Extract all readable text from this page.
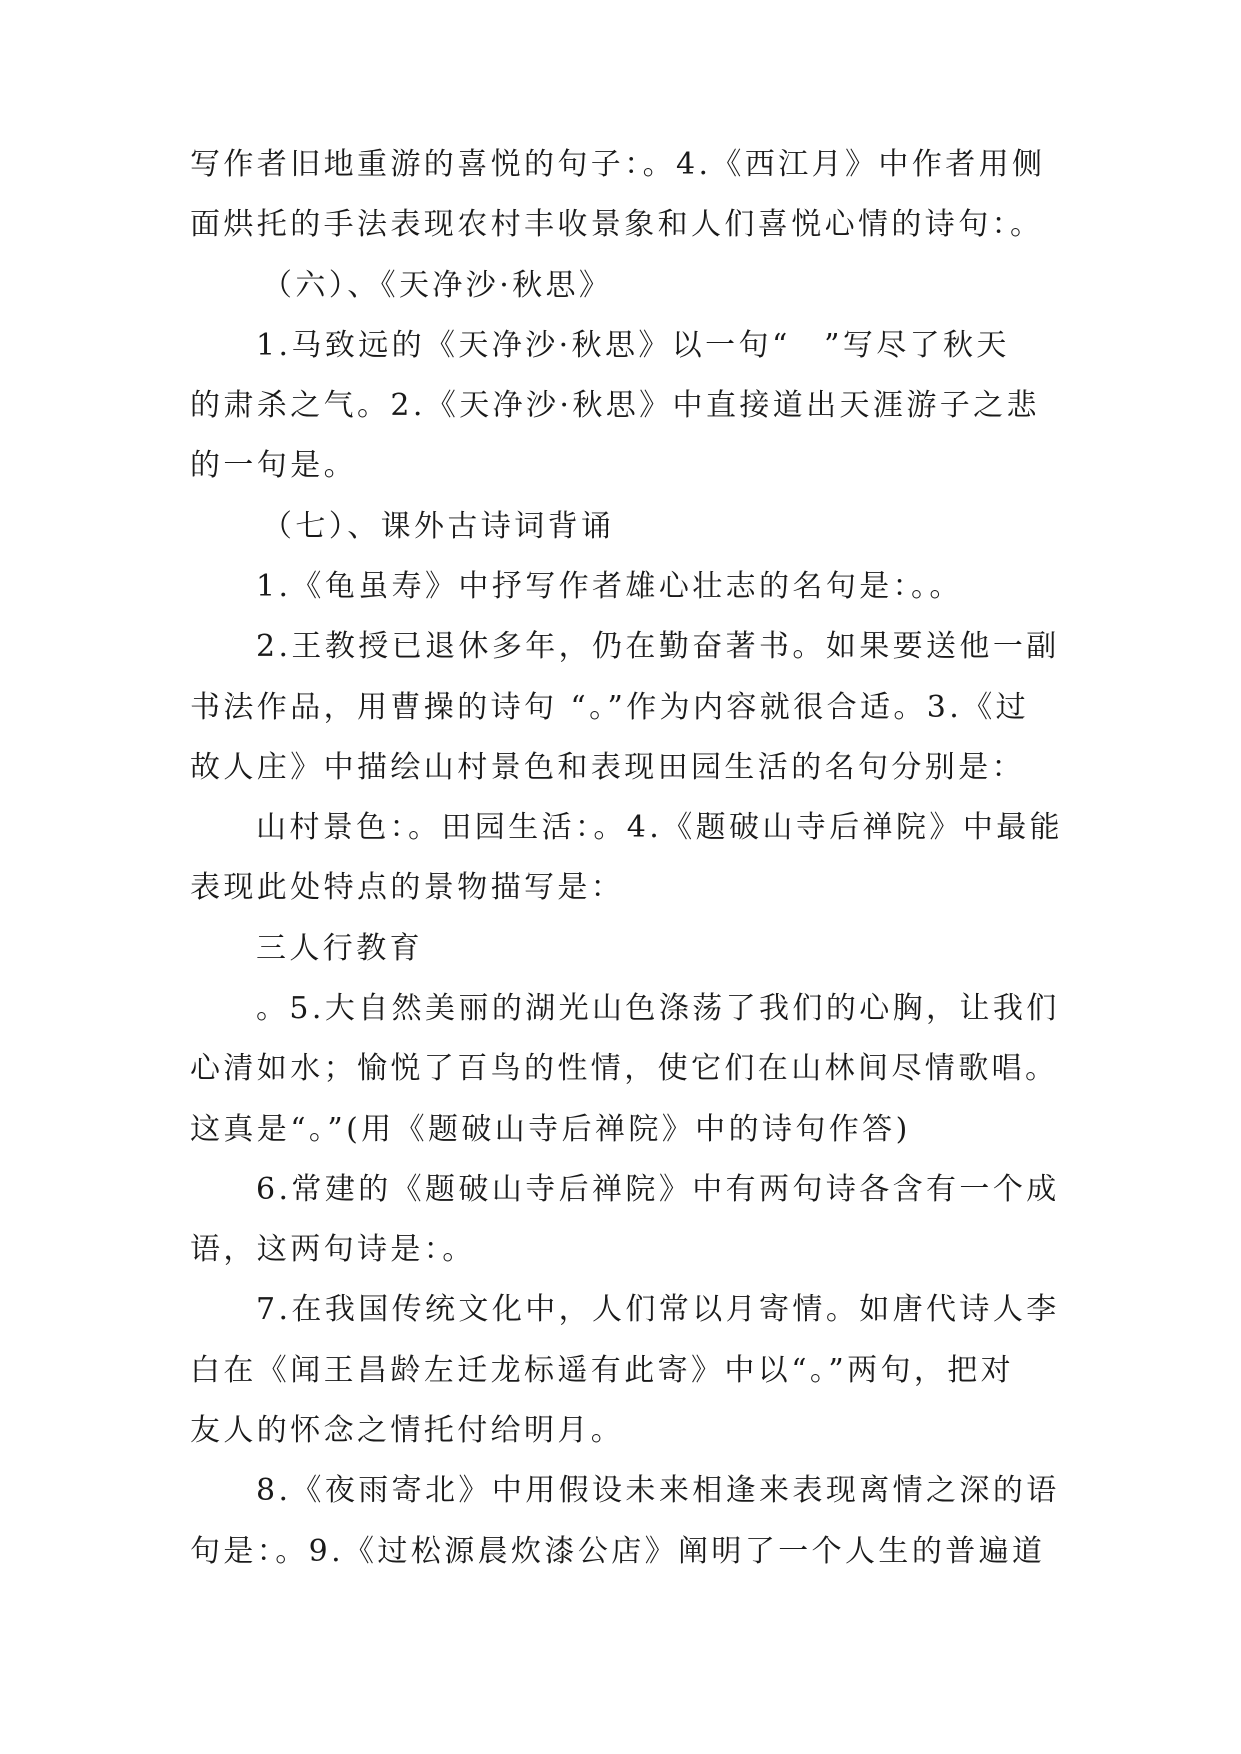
写作者旧地重游的喜悦的句子：。4.《西江月》中作者用侧
面烘托的手法表现农村丰收景象和人们喜悦心情的诗句：。
（六）、《天净沙·秋思》
1.马致远的《天净沙·秋思》以一句“　”写尽了秋天
的肃杀之气。2.《天净沙·秋思》中直接道出天涯游子之悲
的一句是。
（七）、课外古诗词背诵
1.《龟虽寿》中抒写作者雄心壮志的名句是：。。
2.王教授已退休多年，仍在勤奋著书。如果要送他一副
书法作品，用曹操的诗句 “。”作为内容就很合适。3.《过
故人庄》中描绘山村景色和表现田园生活的名句分别是：
山村景色：。田园生活：。4.《题破山寺后禅院》中最能
表现此处特点的景物描写是：
三人行教育
。5.大自然美丽的湖光山色涤荡了我们的心胸，让我们
心清如水；愉悦了百鸟的性情，使它们在山林间尽情歌唱。
这真是“。”(用《题破山寺后禅院》中的诗句作答)
6.常建的《题破山寺后禅院》中有两句诗各含有一个成
语，这两句诗是：。
7.在我国传统文化中，人们常以月寄情。如唐代诗人李
白在《闻王昌龄左迁龙标遥有此寄》中以“。”两句，把对
友人的怀念之情托付给明月。
8.《夜雨寄北》中用假设未来相逢来表现离情之深的语
句是：。9.《过松源晨炊漆公店》阐明了一个人生的普遍道
